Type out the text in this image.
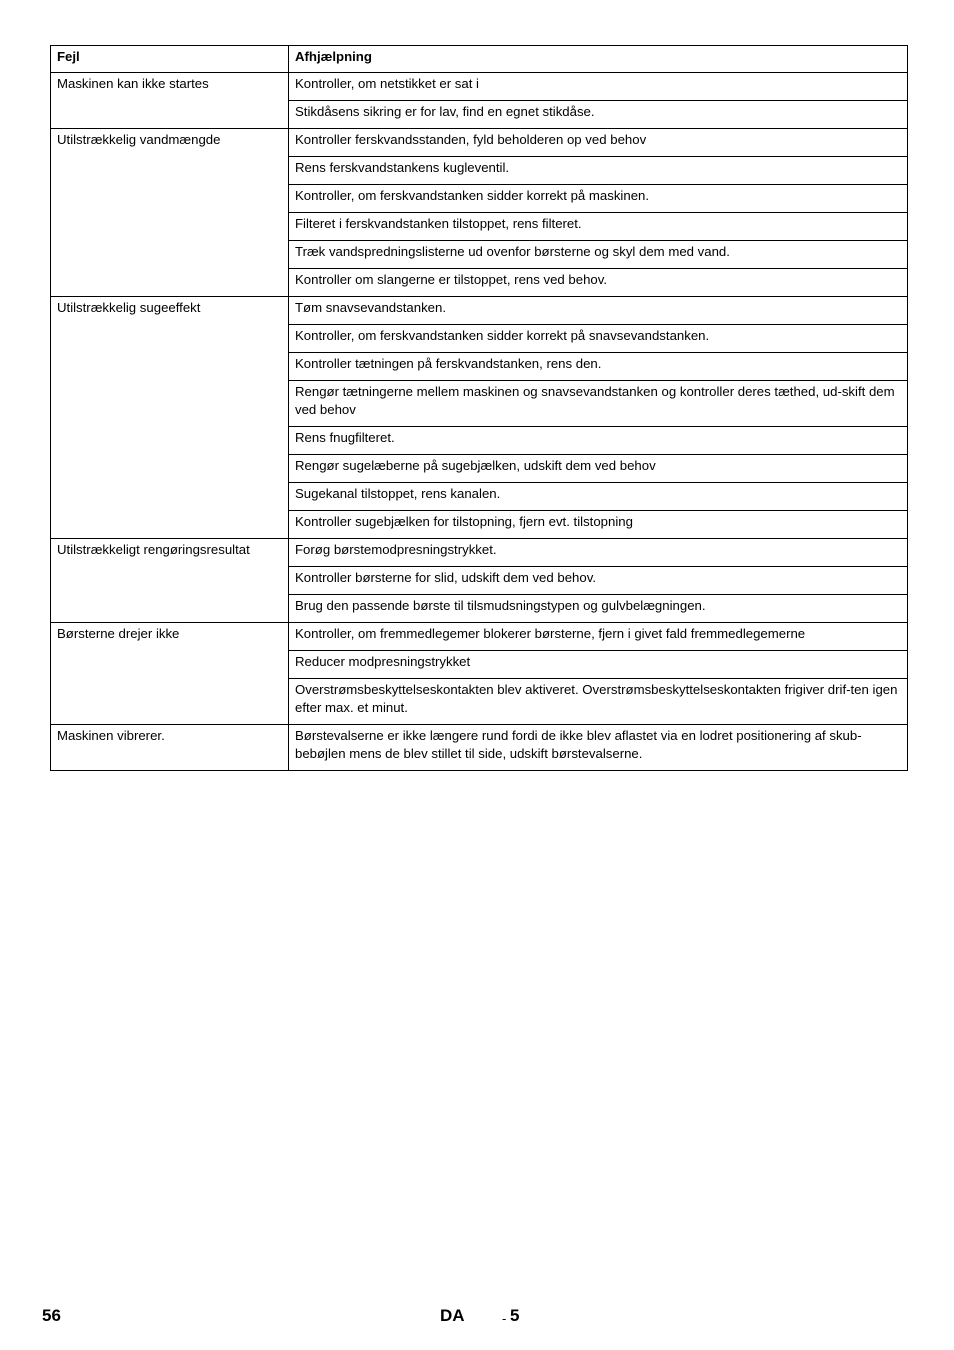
Fejl	Afhjælpning
Maskinen kan ikke startes	Kontroller, om netstikket er sat i
	Stikdåsens sikring er for lav, find en egnet stikdåse.
Utilstrækkelig vandmængde	Kontroller ferskvandsstanden, fyld beholderen op ved behov
	Rens ferskvandstankens kugleventil.
	Kontroller, om ferskvandstanken sidder korrekt på maskinen.
	Filteret i ferskvandstanken tilstoppet, rens filteret.
	Træk vandspredningslisterne ud ovenfor børsterne og skyl dem med vand.
	Kontroller om slangerne er tilstoppet, rens ved behov.
Utilstrækkelig sugeeffekt	Tøm snavsevandstanken.
	Kontroller, om ferskvandstanken sidder korrekt på snavsevandstanken.
	Kontroller tætningen på ferskvandstanken, rens den.
	Rengør tætningerne mellem maskinen og snavsevandstanken og kontroller deres tæthed, ud-skift dem ved behov
	Rens fnugfilteret.
	Rengør sugelæberne på sugebjælken, udskift dem ved behov
	Sugekanal tilstoppet, rens kanalen.
	Kontroller sugebjælken for tilstopning, fjern evt. tilstopning
Utilstrækkeligt rengøringsresultat	Forøg børstemodpresningstrykket.
	Kontroller børsterne for slid, udskift dem ved behov.
	Brug den passende børste til tilsmudsningstypen og gulvbelægningen.
Børsterne drejer ikke	Kontroller, om fremmedlegemer blokerer børsterne, fjern i givet fald fremmedlegemerne
	Reducer modpresningstrykket
	Overstrømsbeskyttelseskontakten blev aktiveret. Overstrømsbeskyttelseskontakten frigiver drif-ten igen efter max. et minut.
Maskinen vibrerer.	Børstevalserne er ikke længere rund fordi de ikke blev aflastet via en lodret positionering af skub-bebøjlen mens de blev stillet til side, udskift børstevalserne.
56	DA	- 5
